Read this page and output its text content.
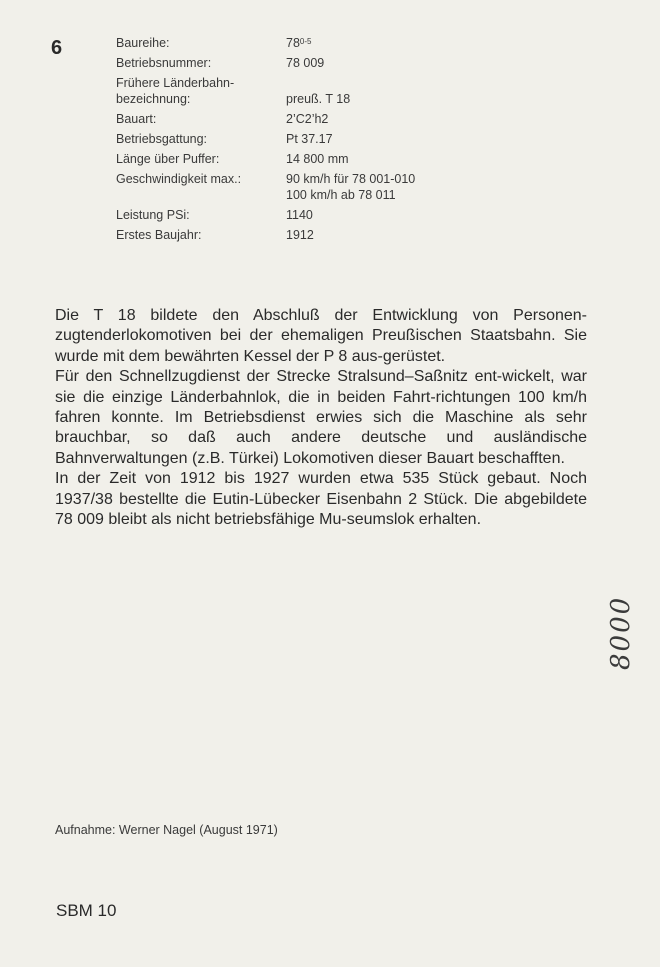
6	Baureihe:	78$^{0-5}$
Betriebsnummer:	78 009
Frühere Länderbahn-
bezeichnung:
	preuß. T 18
Bauart:	2’C2’h2
Betriebsgattung:	Pt 37.17
Länge über Puffer:	14 800 mm
Geschwindigkeit max.:	90 km/h für 78 001-010
100 km/h ab 78 011
Leistung PSi:	1140
Erstes Baujahr:	1912

Die T 18 bildete den Abschluß der Entwicklung von Personen-zugtenderlokomotiven bei der ehemaligen Preußischen Staatsbahn. Sie wurde mit dem bewährten Kessel der P 8 aus-gerüstet.

Für den Schnellzugdienst der Strecke Stralsund–Saßnitz ent-wickelt, war sie die einzige Länderbahnlok, die in beiden Fahrt-richtungen 100 km/h fahren konnte. Im Betriebsdienst erwies sich die Maschine als sehr brauchbar, so daß auch andere deutsche und ausländische Bahnverwaltungen (z.B. Türkei) Lokomotiven dieser Bauart beschafften.

In der Zeit von 1912 bis 1927 wurden etwa 535 Stück gebaut. Noch 1937/38 bestellte die Eutin-Lübecker Eisenbahn 2 Stück. Die abgebildete 78 009 bleibt als nicht betriebsfähige Mu-seumslok erhalten.

Aufnahme: Werner Nagel (August 1971)
SBM 10
8000
